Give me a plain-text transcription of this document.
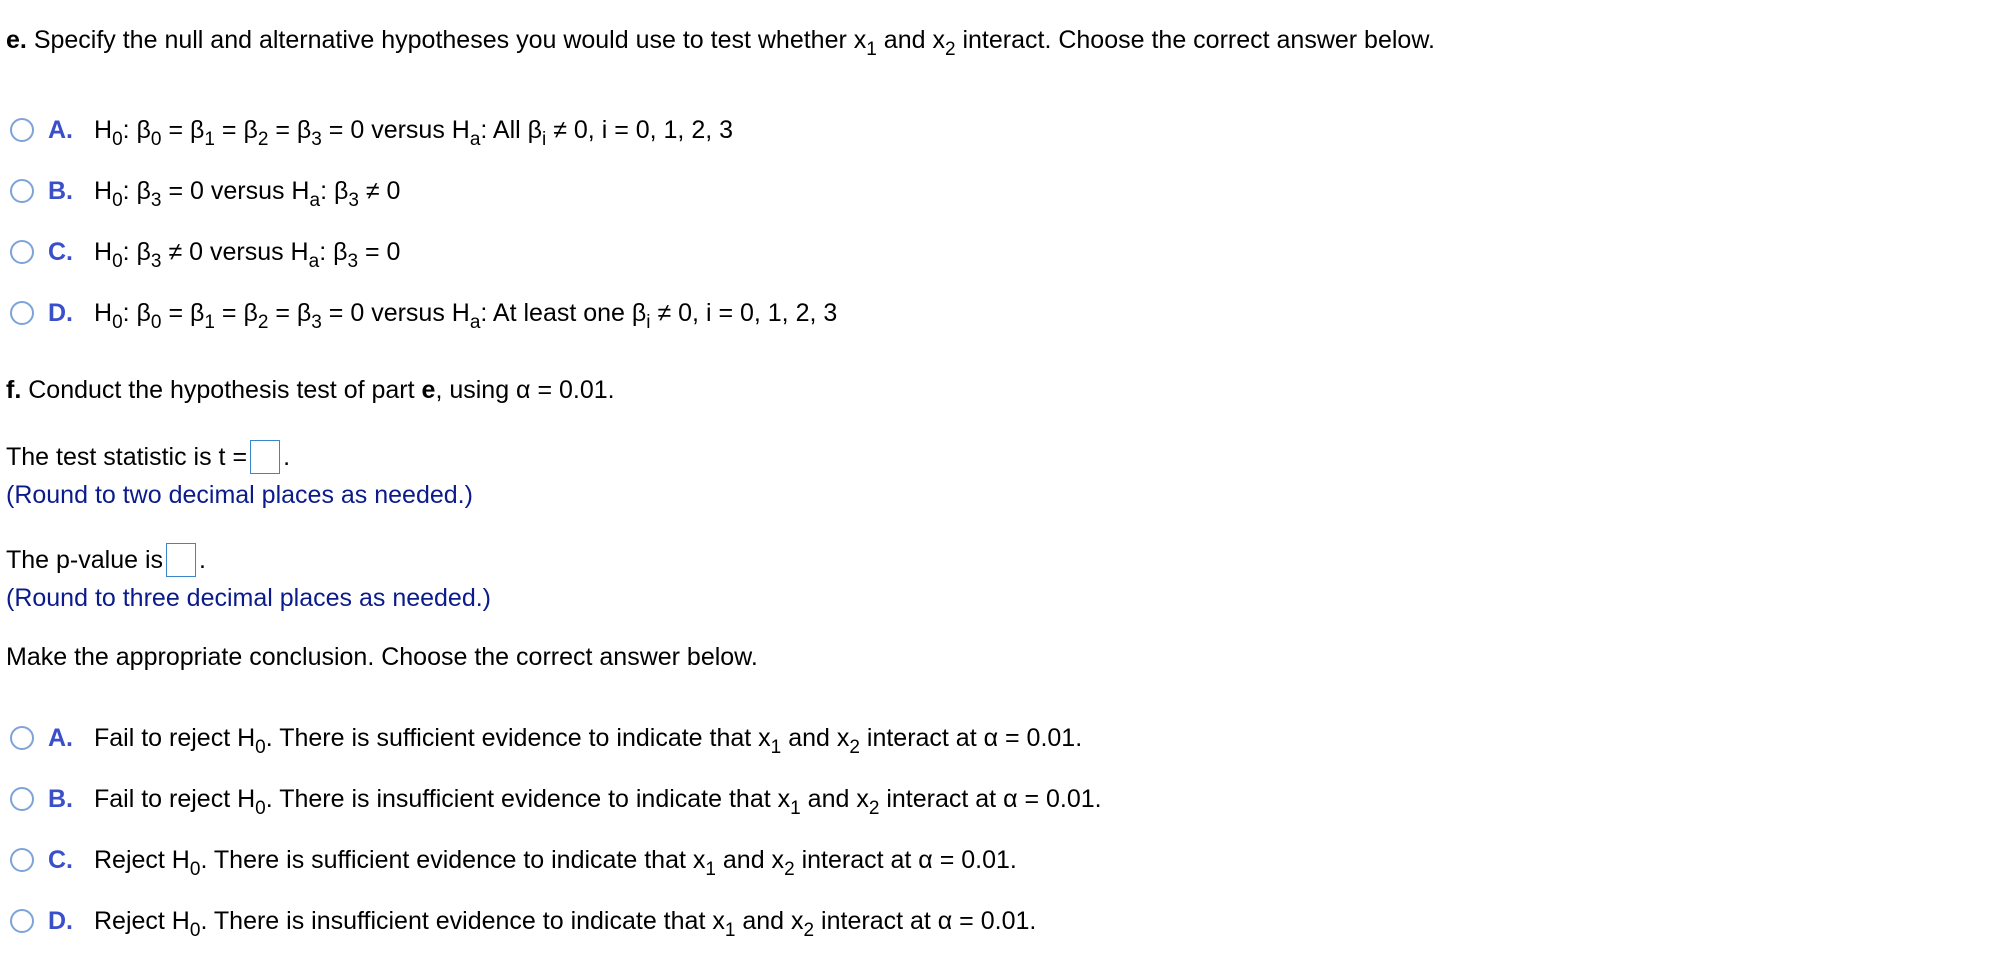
e. Specify the null and alternative hypotheses you would use to test whether $x_1$ and $x_2$ interact. Choose the correct answer below.
A. $H_0$: $\beta_0 = \beta_1 = \beta_2 = \beta_3 = 0$ versus $H_a$: All $\beta_i \ne 0$, i = 0, 1, 2, 3
B. $H_0$: $\beta_3 = 0$ versus $H_a$: $\beta_3 \ne 0$
C. $H_0$: $\beta_3 \ne 0$ versus $H_a$: $\beta_3 = 0$
D. $H_0$: $\beta_0 = \beta_1 = \beta_2 = \beta_3 = 0$ versus $H_a$: At least one $\beta_i \ne 0$, i = 0, 1, 2, 3
f. Conduct the hypothesis test of part e, using α = 0.01.
The test statistic is t = .
(Round to two decimal places as needed.)
The p-value is .
(Round to three decimal places as needed.)
Make the appropriate conclusion. Choose the correct answer below.
A. Fail to reject $H_0$. There is sufficient evidence to indicate that $x_1$ and $x_2$ interact at α = 0.01.
B. Fail to reject $H_0$. There is insufficient evidence to indicate that $x_1$ and $x_2$ interact at α = 0.01.
C. Reject $H_0$. There is sufficient evidence to indicate that $x_1$ and $x_2$ interact at α = 0.01.
D. Reject $H_0$. There is insufficient evidence to indicate that $x_1$ and $x_2$ interact at α = 0.01.
